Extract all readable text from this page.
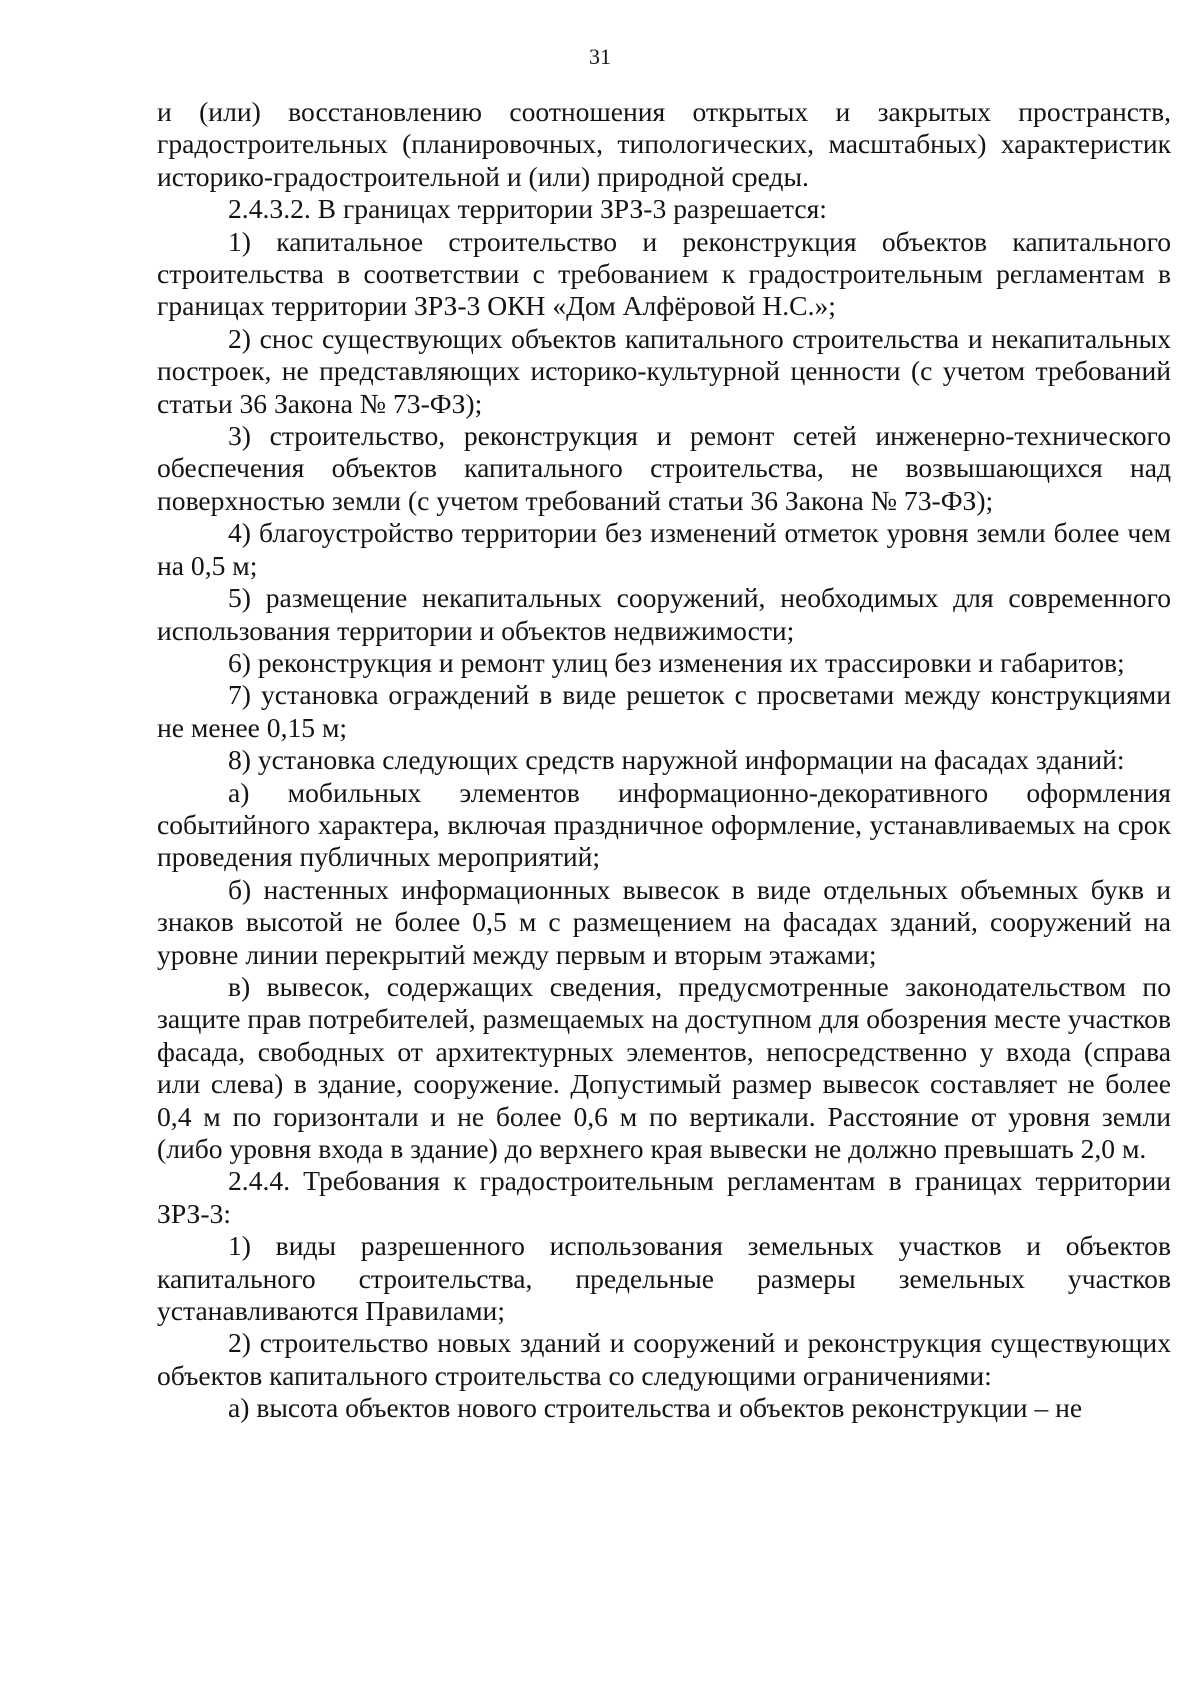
31

и (или) восстановлению соотношения открытых и закрытых пространств, градостроительных (планировочных, типологических, масштабных) характеристик историко-градостроительной и (или) природной среды.

2.4.3.2. В границах территории ЗРЗ-3 разрешается:

1) капитальное строительство и реконструкция объектов капитального строительства в соответствии с требованием к градостроительным регламентам в границах территории ЗРЗ-3 ОКН «Дом Алфёровой Н.С.»;

2) снос существующих объектов капитального строительства и некапитальных построек, не представляющих историко-культурной ценности (с учетом требований статьи 36 Закона № 73-ФЗ);

3) строительство, реконструкция и ремонт сетей инженерно-технического обеспечения объектов капитального строительства, не возвышающихся над поверхностью земли (с учетом требований статьи 36 Закона № 73-ФЗ);

4) благоустройство территории без изменений отметок уровня земли более чем на 0,5 м;

5) размещение некапитальных сооружений, необходимых для современного использования территории и объектов недвижимости;

6) реконструкция и ремонт улиц без изменения их трассировки и габаритов;

7) установка ограждений в виде решеток с просветами между конструкциями не менее 0,15 м;

8) установка следующих средств наружной информации на фасадах зданий:

а) мобильных элементов информационно-декоративного оформления событийного характера, включая праздничное оформление, устанавливаемых на срок проведения публичных мероприятий;

б) настенных информационных вывесок в виде отдельных объемных букв и знаков высотой не более 0,5 м с размещением на фасадах зданий, сооружений на уровне линии перекрытий между первым и вторым этажами;

в) вывесок, содержащих сведения, предусмотренные законодательством по защите прав потребителей, размещаемых на доступном для обозрения месте участков фасада, свободных от архитектурных элементов, непосредственно у входа (справа или слева) в здание, сооружение. Допустимый размер вывесок составляет не более 0,4 м по горизонтали и не более 0,6 м по вертикали. Расстояние от уровня земли (либо уровня входа в здание) до верхнего края вывески не должно превышать 2,0 м.

2.4.4. Требования к градостроительным регламентам в границах территории ЗРЗ-3:

1) виды разрешенного использования земельных участков и объектов капитального строительства, предельные размеры земельных участков устанавливаются Правилами;

2) строительство новых зданий и сооружений и реконструкция существующих объектов капитального строительства со следующими ограничениями:

а) высота объектов нового строительства и объектов реконструкции – не
